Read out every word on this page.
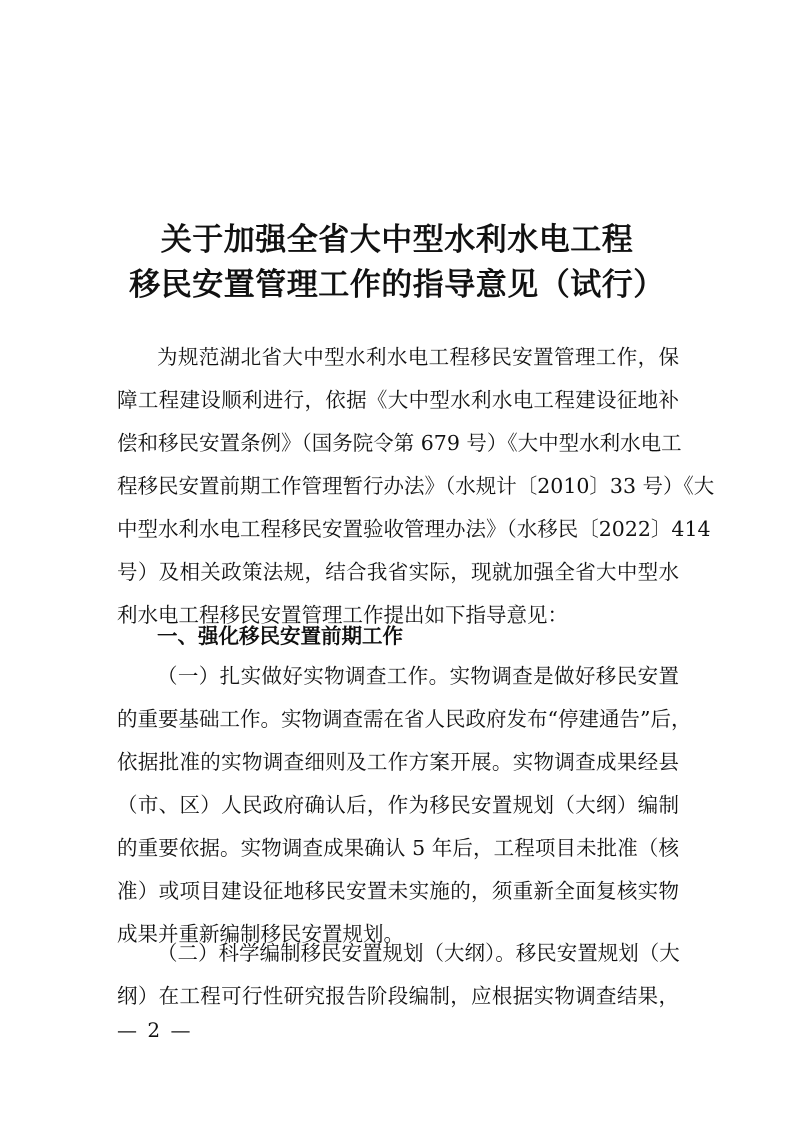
关于加强全省大中型水利水电工程
移民安置管理工作的指导意见（试行）
为规范湖北省大中型水利水电工程移民安置管理工作，保
障工程建设顺利进行，依据《大中型水利水电工程建设征地补
偿和移民安置条例》（国务院令第 679 号）《大中型水利水电工
程移民安置前期工作管理暂行办法》（水规计〔2010〕33 号）《大
中型水利水电工程移民安置验收管理办法》（水移民〔2022〕414
号）及相关政策法规，结合我省实际，现就加强全省大中型水
利水电工程移民安置管理工作提出如下指导意见：
一、强化移民安置前期工作
（一）扎实做好实物调查工作。实物调查是做好移民安置
的重要基础工作。实物调查需在省人民政府发布“停建通告”后，
依据批准的实物调查细则及工作方案开展。实物调查成果经县
（市、区）人民政府确认后，作为移民安置规划（大纲）编制
的重要依据。实物调查成果确认 5 年后，工程项目未批准（核
准）或项目建设征地移民安置未实施的，须重新全面复核实物
成果并重新编制移民安置规划。
（二）科学编制移民安置规划（大纲）。移民安置规划（大
纲）在工程可行性研究报告阶段编制，应根据实物调查结果，
— 2 —
